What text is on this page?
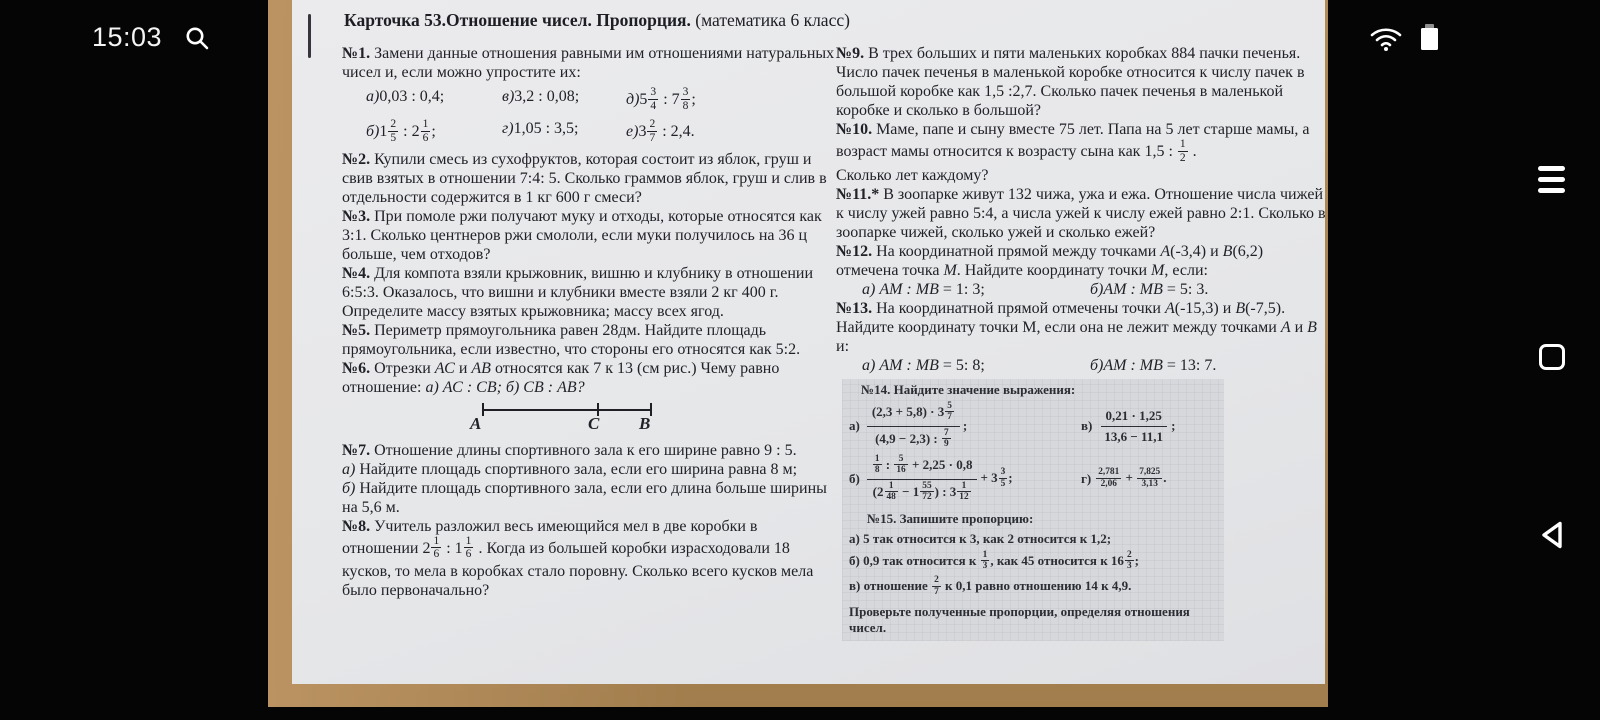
15:03
Карточка 53.Отношение чисел. Пропорция. (математика 6 класс)

№1. Замени данные отношения равными им отношениями натуральных чисел и, если можно упростите их:

а)0,03 : 0,4;	в)3,2 : 0,08;	$д)5 \frac{3}{4}$ : $7 \frac{3}{8}$ ;
$б)1 \frac{2}{5}$ : $2 \frac{1}{6}$ ;	г)1,05 : 3,5;	$е)3 \frac{2}{7}$ : 2,4.

№2. Купили смесь из сухофруктов, которая состоит из яблок, груш и свив взятых в отношении 7:4: 5. Сколько граммов яблок, груш и слив в отдельности содержится в 1 кг 600 г смеси?

№3. При помоле ржи получают муку и отходы, которые относятся как 3:1. Сколько центнеров ржи смололи, если муки получилось на 36 ц больше, чем отходов?

№4. Для компота взяли крыжовник, вишню и клубнику в отношении 6:5:3. Оказалось, что вишни и клубники вместе взяли 2 кг 400 г. Определите массу взятых крыжовника; массу всех ягод.

№5. Периметр прямоугольника равен 28дм. Найдите площадь прямоугольника, если известно, что стороны его относятся как 5:2.

№6. Отрезки АС и АВ относятся как 7 к 13 (см рис.) Чему равно отношение: а) АС : СВ; б) СВ : АВ?

А	С В

№7. Отношение длины спортивного зала к его ширине равно 9 : 5.

а) Найдите площадь спортивного зала, если его ширина равна 8 м;

б) Найдите площадь спортивного зала, если его длина больше ширины на 5,6 м.

№8. Учитель разложил весь имеющийся мел в две коробки в отношении $2 \frac{1}{6}$ : $1 \frac{1}{6}$ . Когда из большей коробки израсходовали 18 кусков, то мела в коробках стало поровну. Сколько всего кусков мела было первоначально?

№9. В трех больших и пяти маленьких коробках 884 пачки печенья. Число пачек печенья в маленькой коробке относится к числу пачек в большой коробке как 1,5 :2,7. Сколько пачек печенья в маленькой коробке и сколько в большой?

№10. Маме, папе и сыну вместе 75 лет. Папа на 5 лет старше мамы, а возраст мамы относится к возрасту сына как 1,5 : $\frac{1}{2}$ .

Сколько лет каждому?

№11.* В зоопарке живут 132 чижа, ужа и ежа. Отношение числа чижей к числу ужей равно 5:4, а числа ужей к числу ежей равно 2:1. Сколько в зоопарке чижей, сколько ужей и сколько ежей?

№12. На координатной прямой между точками А(-3,4) и В(6,2) отмечена точка М. Найдите координату точки М, если:

а) АМ : МВ = 1: 3;	б)АМ : МВ = 5: 3.

№13. На координатной прямой отмечены точки А(-15,3) и В(-7,5). Найдите координату точки М, если она не лежит между точками А и В и:

а) АМ : МВ = 5: 8;	б)АМ : МВ = 13: 7.
№14. Найдите значение выражения:
$а) \frac{(2,3 + 5,8) \cdot 3 \frac{5}{7}}{(4,9 - 2,3) : \frac{7}{9}}$ ;	$в) \frac{0,21 \cdot 1,25}{13,6 - 11,1}$ ;
$б) \frac{\frac{1}{8} : \frac{5}{16} + 2,25 \cdot 0,8}{(2 \frac{1}{48} - 1 \frac{55}{72} ) : 3 \frac{1}{12}} + 3 \frac{3}{5}$ ;	$г) \frac{2,781}{2,06} + \frac{7,825}{3,13}$ .
№15. Запишите пропорцию:
а) 5 так относится к 3, как 2 относится к 1,2;
б) 0,9 так относится к $\frac{1}{3}$ , как 45 относится к $16 \frac{2}{3}$ ;
в) отношение $\frac{2}{7}$ к 0,1 равно отношению 14 к 4,9.
Проверьте полученные пропорции, определяя отношения чисел.
